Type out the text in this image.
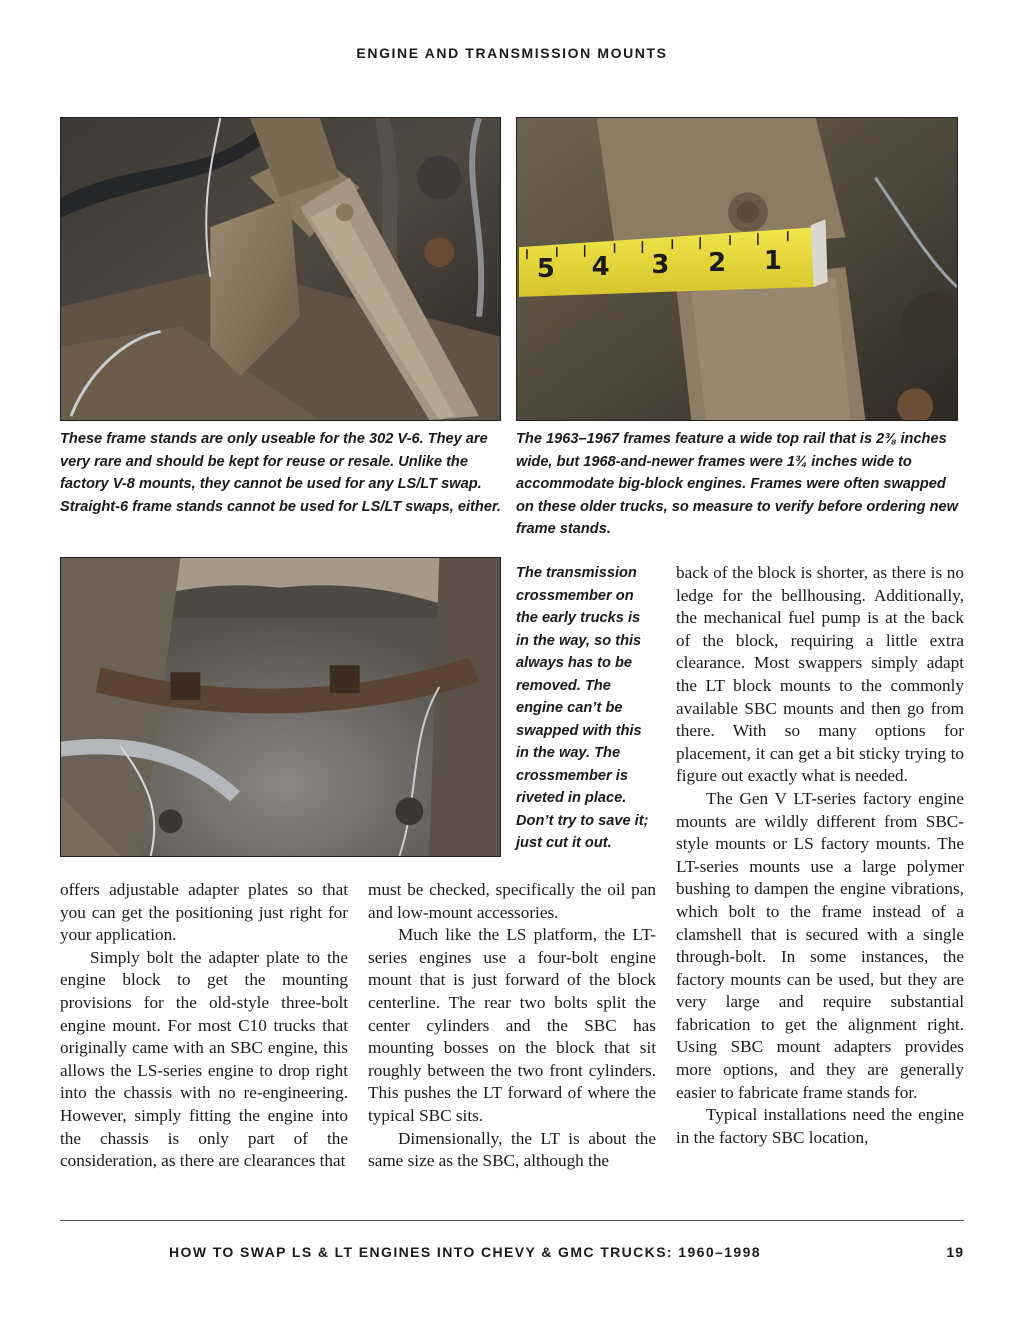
ENGINE AND TRANSMISSION MOUNTS
5 4 3 2 1
These frame stands are only useable for the 302 V-6. They are very rare and should be kept for reuse or resale. Unlike the factory V-8 mounts, they cannot be used for any LS/LT swap. Straight-6 frame stands cannot be used for LS/LT swaps, either.
The 1963–1967 frames feature a wide top rail that is 2⅜ inches wide, but 1968-and-newer frames were 1¾ inches wide to accommodate big-block engines. Frames were often swapped on these older trucks, so measure to verify before ordering new frame stands.
The transmission crossmember on the early trucks is in the way, so this always has to be removed. The engine can’t be swapped with this in the way. The crossmember is riveted in place. Don’t try to save it; just cut it out.

offers adjustable adapter plates so that you can get the positioning just right for your application.

Simply bolt the adapter plate to the engine block to get the mounting provisions for the old-style three-bolt engine mount. For most C10 trucks that originally came with an SBC engine, this allows the LS-series engine to drop right into the chassis with no re-engineering. However, simply fitting the engine into the chassis is only part of the consideration, as there are clearances that

must be checked, specifically the oil pan and low-mount accessories.

Much like the LS platform, the LT-series engines use a four-bolt engine mount that is just forward of the block centerline. The rear two bolts split the center cylinders and the SBC has mounting bosses on the block that sit roughly between the two front cylinders. This pushes the LT forward of where the typical SBC sits.

Dimensionally, the LT is about the same size as the SBC, although the

back of the block is shorter, as there is no ledge for the bellhousing. Additionally, the mechanical fuel pump is at the back of the block, requiring a little extra clearance. Most swappers simply adapt the LT block mounts to the commonly available SBC mounts and then go from there. With so many options for placement, it can get a bit sticky trying to figure out exactly what is needed.

The Gen V LT-series factory engine mounts are wildly different from SBC-style mounts or LS factory mounts. The LT-series mounts use a large polymer bushing to dampen the engine vibrations, which bolt to the frame instead of a clamshell that is secured with a single through-bolt. In some instances, the factory mounts can be used, but they are very large and require substantial fabrication to get the alignment right. Using SBC mount adapters provides more options, and they are generally easier to fabricate frame stands for.

Typical installations need the engine in the factory SBC location,

HOW TO SWAP LS & LT ENGINES INTO CHEVY & GMC TRUCKS: 1960–1998	19
